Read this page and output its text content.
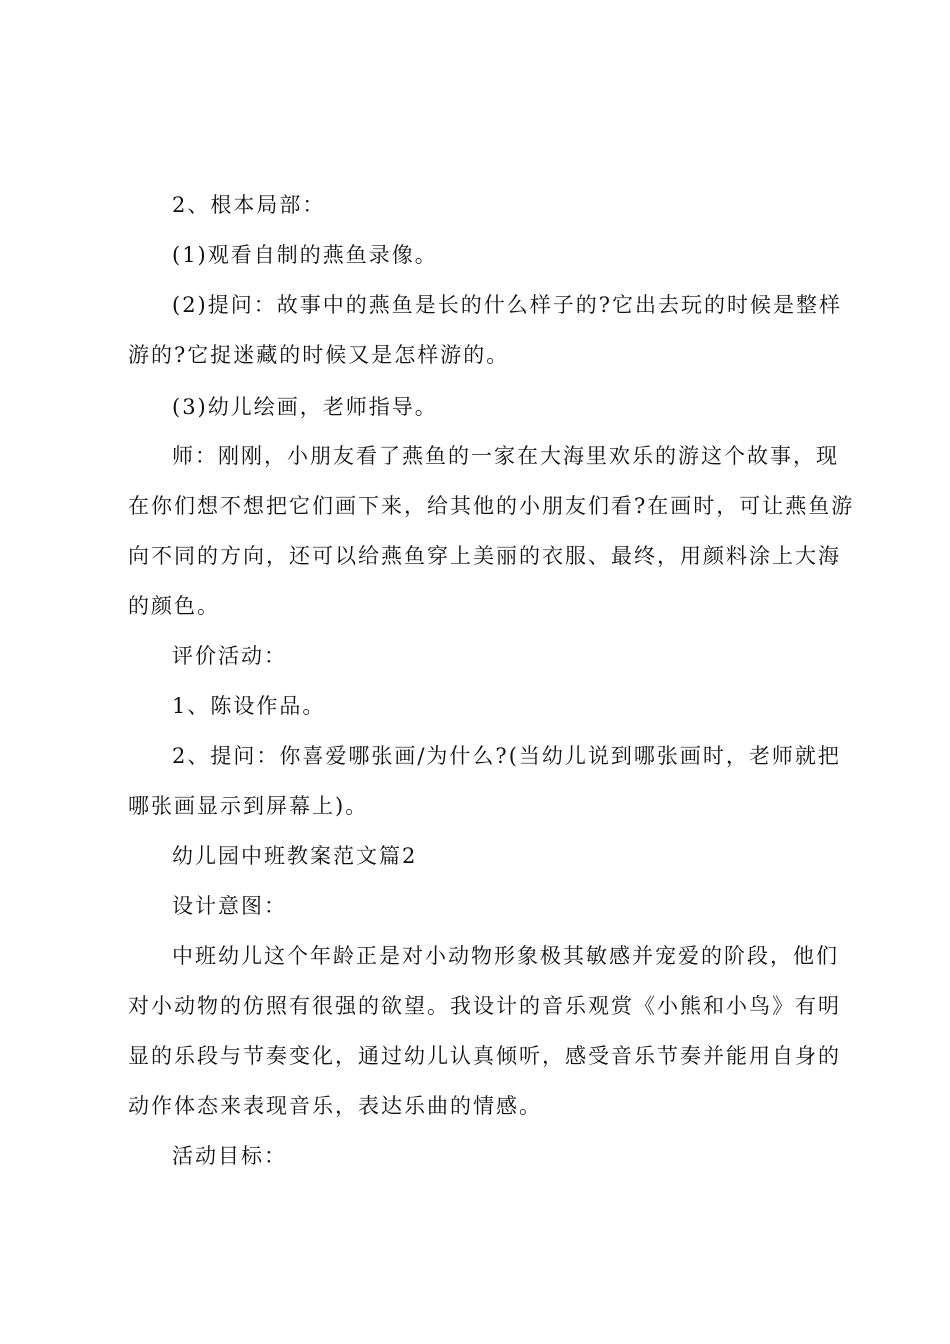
2、根本局部：
(1)观看自制的燕鱼录像。
(2)提问：故事中的燕鱼是长的什么样子的?它出去玩的时候是整样
游的?它捉迷藏的时候又是怎样游的。
(3)幼儿绘画，老师指导。
师：刚刚，小朋友看了燕鱼的一家在大海里欢乐的游这个故事，现
在你们想不想把它们画下来，给其他的小朋友们看?在画时，可让燕鱼游
向不同的方向，还可以给燕鱼穿上美丽的衣服、最终，用颜料涂上大海
的颜色。
评价活动：
1、陈设作品。
2、提问：你喜爱哪张画/为什么?(当幼儿说到哪张画时，老师就把
哪张画显示到屏幕上)。
幼儿园中班教案范文篇2
设计意图：
中班幼儿这个年龄正是对小动物形象极其敏感并宠爱的阶段，他们
对小动物的仿照有很强的欲望。我设计的音乐观赏《小熊和小鸟》有明
显的乐段与节奏变化，通过幼儿认真倾听，感受音乐节奏并能用自身的
动作体态来表现音乐，表达乐曲的情感。
活动目标：
